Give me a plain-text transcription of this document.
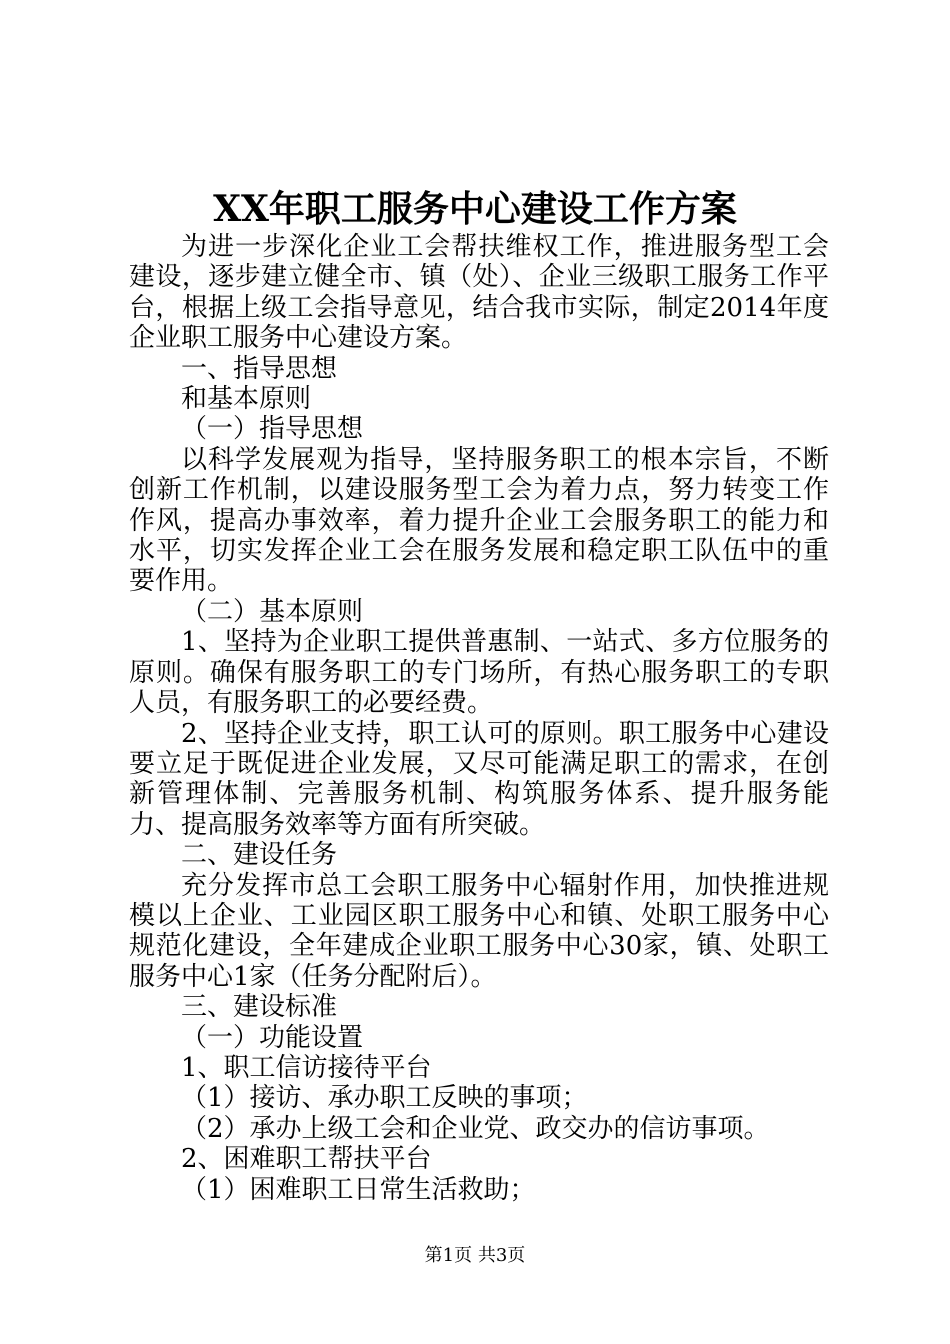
XX年职工服务中心建设工作方案

为进一步深化企业工会帮扶维权工作，推进服务型工会建设，逐步建立健全市、镇（处）、企业三级职工服务工作平台，根据上级工会指导意见，结合我市实际，制定2014年度企业职工服务中心建设方案。

一、指导思想

和基本原则

（一）指导思想

以科学发展观为指导，坚持服务职工的根本宗旨，不断创新工作机制，以建设服务型工会为着力点，努力转变工作作风，提高办事效率，着力提升企业工会服务职工的能力和水平，切实发挥企业工会在服务发展和稳定职工队伍中的重要作用。

（二）基本原则

1、坚持为企业职工提供普惠制、一站式、多方位服务的原则。确保有服务职工的专门场所，有热心服务职工的专职人员，有服务职工的必要经费。

2、坚持企业支持，职工认可的原则。职工服务中心建设要立足于既促进企业发展，又尽可能满足职工的需求，在创新管理体制、完善服务机制、构筑服务体系、提升服务能力、提高服务效率等方面有所突破。

二、建设任务

充分发挥市总工会职工服务中心辐射作用，加快推进规模以上企业、工业园区职工服务中心和镇、处职工服务中心规范化建设，全年建成企业职工服务中心30家，镇、处职工服务中心1家（任务分配附后）。

三、建设标准

（一）功能设置

1、职工信访接待平台

（1）接访、承办职工反映的事项；

（2）承办上级工会和企业党、政交办的信访事项。

2、困难职工帮扶平台

（1）困难职工日常生活救助；

第1页 共3页
